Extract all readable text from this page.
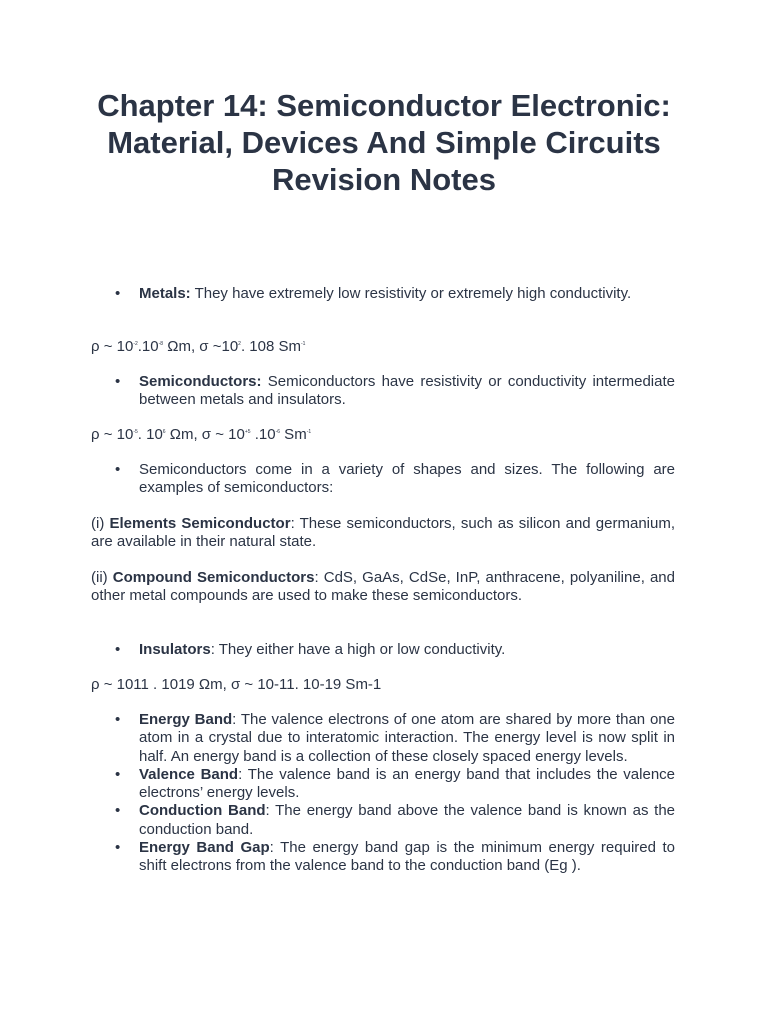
Chapter 14: Semiconductor Electronic: Material, Devices And Simple Circuits Revision Notes
• Metals: They have extremely low resistivity or extremely high conductivity.
ρ ~ $10^{-2}.10^{-8}$ Ωm, σ $\sim 10^2$. 108 $Sm^{-1}$
• Semiconductors: Semiconductors have resistivity or conductivity intermediate between metals and insulators.
ρ ~ $10^{-5}$. $10^6$ Ωm, σ ~ $10^{+5}$ $.10^{-6}$ $Sm^{-1}$
• Semiconductors come in a variety of shapes and sizes. The following are examples of semiconductors:

(i) Elements Semiconductor: These semiconductors, such as silicon and germanium, are available in their natural state.

(ii) Compound Semiconductors: CdS, GaAs, CdSe, InP, anthracene, polyaniline, and other metal compounds are used to make these semiconductors.

• Insulators: They either have a high or low conductivity.
ρ ~ 1011 . 1019 Ωm, σ ~ 10-11. 10-19 Sm-1
• Energy Band: The valence electrons of one atom are shared by more than one atom in a crystal due to interatomic interaction. The energy level is now split in half. An energy band is a collection of these closely spaced energy levels.
• Valence Band: The valence band is an energy band that includes the valence electrons’ energy levels.
• Conduction Band: The energy band above the valence band is known as the conduction band.
• Energy Band Gap: The energy band gap is the minimum energy required to shift electrons from the valence band to the conduction band (Eg ).
